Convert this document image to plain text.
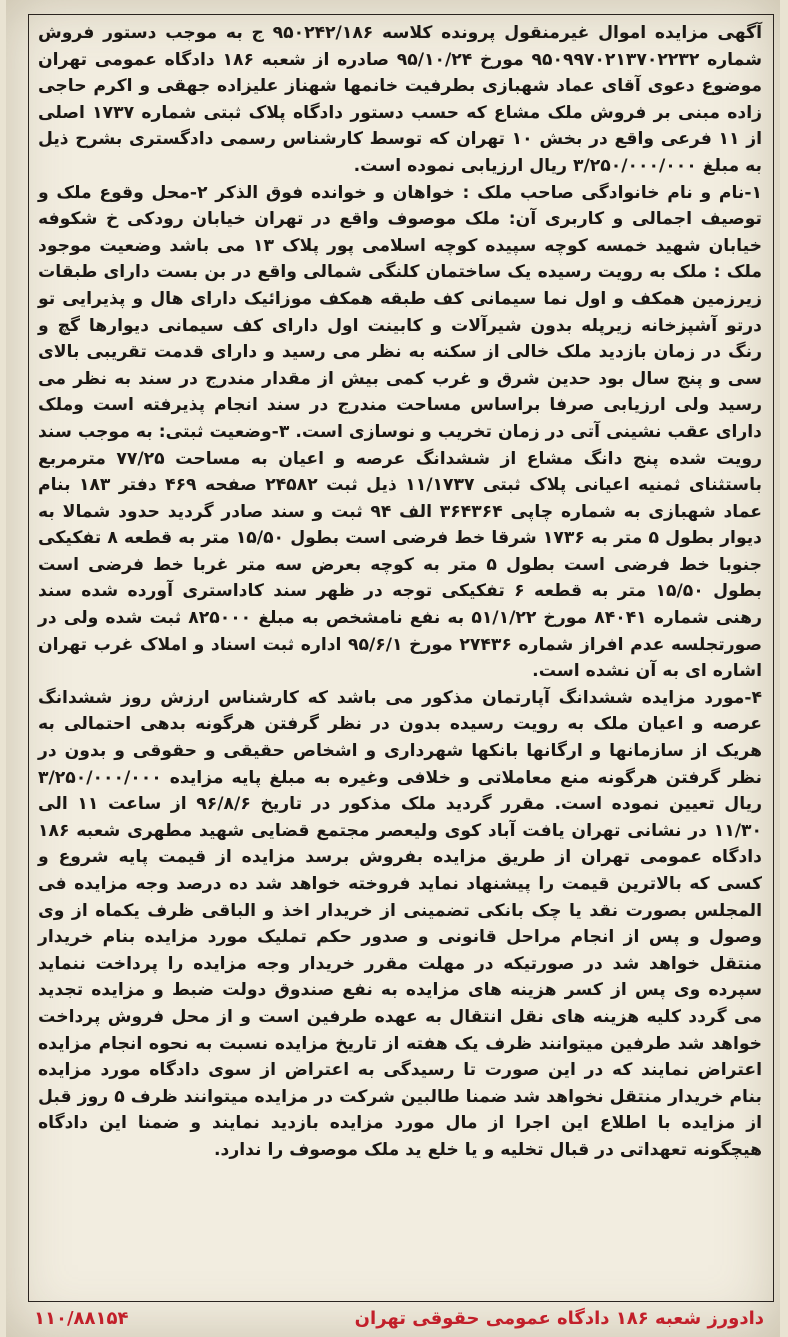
آگهی مزایده اموال غیرمنقول پرونده کلاسه ۹۵۰۲۴۲/۱۸۶ ج به موجب دستور فروش شماره ۹۵۰۹۹۷۰۲۱۳۷۰۲۲۳۲ مورخ ۹۵/۱۰/۲۴ صادره از شعبه ۱۸۶ دادگاه عمومی تهران موضوع دعوی آقای عماد شهبازی بطرفیت خانمها شهناز علیزاده جهقی و اکرم حاجی زاده مبنی بر فروش ملک مشاع که حسب دستور دادگاه پلاک ثبتی شماره ۱۷۳۷ اصلی از ۱۱ فرعی واقع در بخش ۱۰ تهران که توسط کارشناس رسمی دادگستری بشرح ذیل به مبلغ ۳/۲۵۰/۰۰۰/۰۰۰ ریال ارزیابی نموده است.

۱-نام و نام خانوادگی صاحب ملک : خواهان و خوانده فوق الذکر ۲-محل وقوع ملک و توصیف اجمالی و کاربری آن: ملک موصوف واقع در تهران خیابان رودکی خ شکوفه خیابان شهید خمسه کوچه سپیده کوچه اسلامی پور پلاک ۱۳ می باشد وضعیت موجود ملک : ملک به رویت رسیده یک ساختمان کلنگی شمالی واقع در بن بست دارای طبقات زیرزمین همکف و اول نما سیمانی کف طبقه همکف موزائیک دارای هال و پذیرایی تو درتو آشپزخانه زیرپله بدون شیرآلات و کابینت اول دارای کف سیمانی دیوارها گچ و رنگ در زمان بازدید ملک خالی از سکنه به نظر می رسید و دارای قدمت تقریبی بالای سی و پنج سال بود حدین شرق و غرب کمی بیش از مقدار مندرج در سند به نظر می رسید ولی ارزیابی صرفا براساس مساحت مندرج در سند انجام پذیرفته است وملک دارای عقب نشینی آتی در زمان تخریب و نوسازی است. ۳-وضعیت ثبتی: به موجب سند رویت شده پنج دانگ مشاع از ششدانگ عرصه و اعیان به مساحت ۷۷/۲۵ مترمربع باستثنای ثمنیه اعیانی پلاک ثبتی ۱۱/۱۷۳۷ ذیل ثبت ۲۴۵۸۲ صفحه ۴۶۹ دفتر ۱۸۳ بنام عماد شهبازی به شماره چاپی ۳۶۴۳۶۴ الف ۹۴ ثبت و سند صادر گردید حدود شمالا به دیوار بطول ۵ متر به ۱۷۳۶ شرقا خط فرضی است بطول ۱۵/۵۰ متر به قطعه ۸ تفکیکی جنوبا خط فرضی است بطول ۵ متر به کوچه بعرض سه متر غربا خط فرضی است بطول ۱۵/۵۰ متر به قطعه ۶ تفکیکی توجه در ظهر سند کاداستری آورده شده سند رهنی شماره ۸۴۰۴۱ مورخ ۵۱/۱/۲۲ به نفع نامشخص به مبلغ ۸۲۵۰۰۰ ثبت شده ولی در صورتجلسه عدم افراز شماره ۲۷۴۳۶ مورخ ۹۵/۶/۱ اداره ثبت اسناد و املاک غرب تهران اشاره ای به آن نشده است.

۴-مورد مزایده ششدانگ آپارتمان مذکور می باشد که کارشناس ارزش روز ششدانگ عرصه و اعیان ملک به رویت رسیده بدون در نظر گرفتن هرگونه بدهی احتمالی به هریک از سازمانها و ارگانها بانکها شهرداری و اشخاص حقیقی و حقوقی و بدون در نظر گرفتن هرگونه منع معاملاتی و خلافی وغیره به مبلغ پایه مزایده ۳/۲۵۰/۰۰۰/۰۰۰ ریال تعیین نموده است. مقرر گردید ملک مذکور در تاریخ ۹۶/۸/۶ از ساعت ۱۱ الی ۱۱/۳۰ در نشانی تهران یافت آباد کوی ولیعصر مجتمع قضایی شهید مطهری شعبه ۱۸۶ دادگاه عمومی تهران از طریق مزایده بفروش برسد مزایده از قیمت پایه شروع و کسی که بالاترین قیمت را پیشنهاد نماید فروخته خواهد شد ده درصد وجه مزایده فی المجلس بصورت نقد یا چک بانکی تضمینی از خریدار اخذ و الباقی ظرف یکماه از وی وصول و پس از انجام مراحل قانونی و صدور حکم تملیک مورد مزایده بنام خریدار منتقل خواهد شد در صورتیکه در مهلت مقرر خریدار وجه مزایده را پرداخت ننماید سپرده وی پس از کسر هزینه های مزایده به نفع صندوق دولت ضبط و مزایده تجدید می گردد کلیه هزینه های نقل انتقال به عهده طرفین است و از محل فروش پرداخت خواهد شد طرفین میتوانند ظرف یک هفته از تاریخ مزایده نسبت به نحوه انجام مزایده اعتراض نمایند که در این صورت تا رسیدگی به اعتراض از سوی دادگاه مورد مزایده بنام خریدار منتقل نخواهد شد ضمنا طالبین شرکت در مزایده میتوانند ظرف ۵ روز قبل از مزایده با اطلاع این اجرا از مال مورد مزایده بازدید نمایند و ضمنا این دادگاه هیچگونه تعهداتی در قبال تخلیه و یا خلع ید ملک موصوف را ندارد.

دادورز شعبه ۱۸۶ دادگاه عمومی حقوقی تهران
۱۱۰/۸۸۱۵۴
